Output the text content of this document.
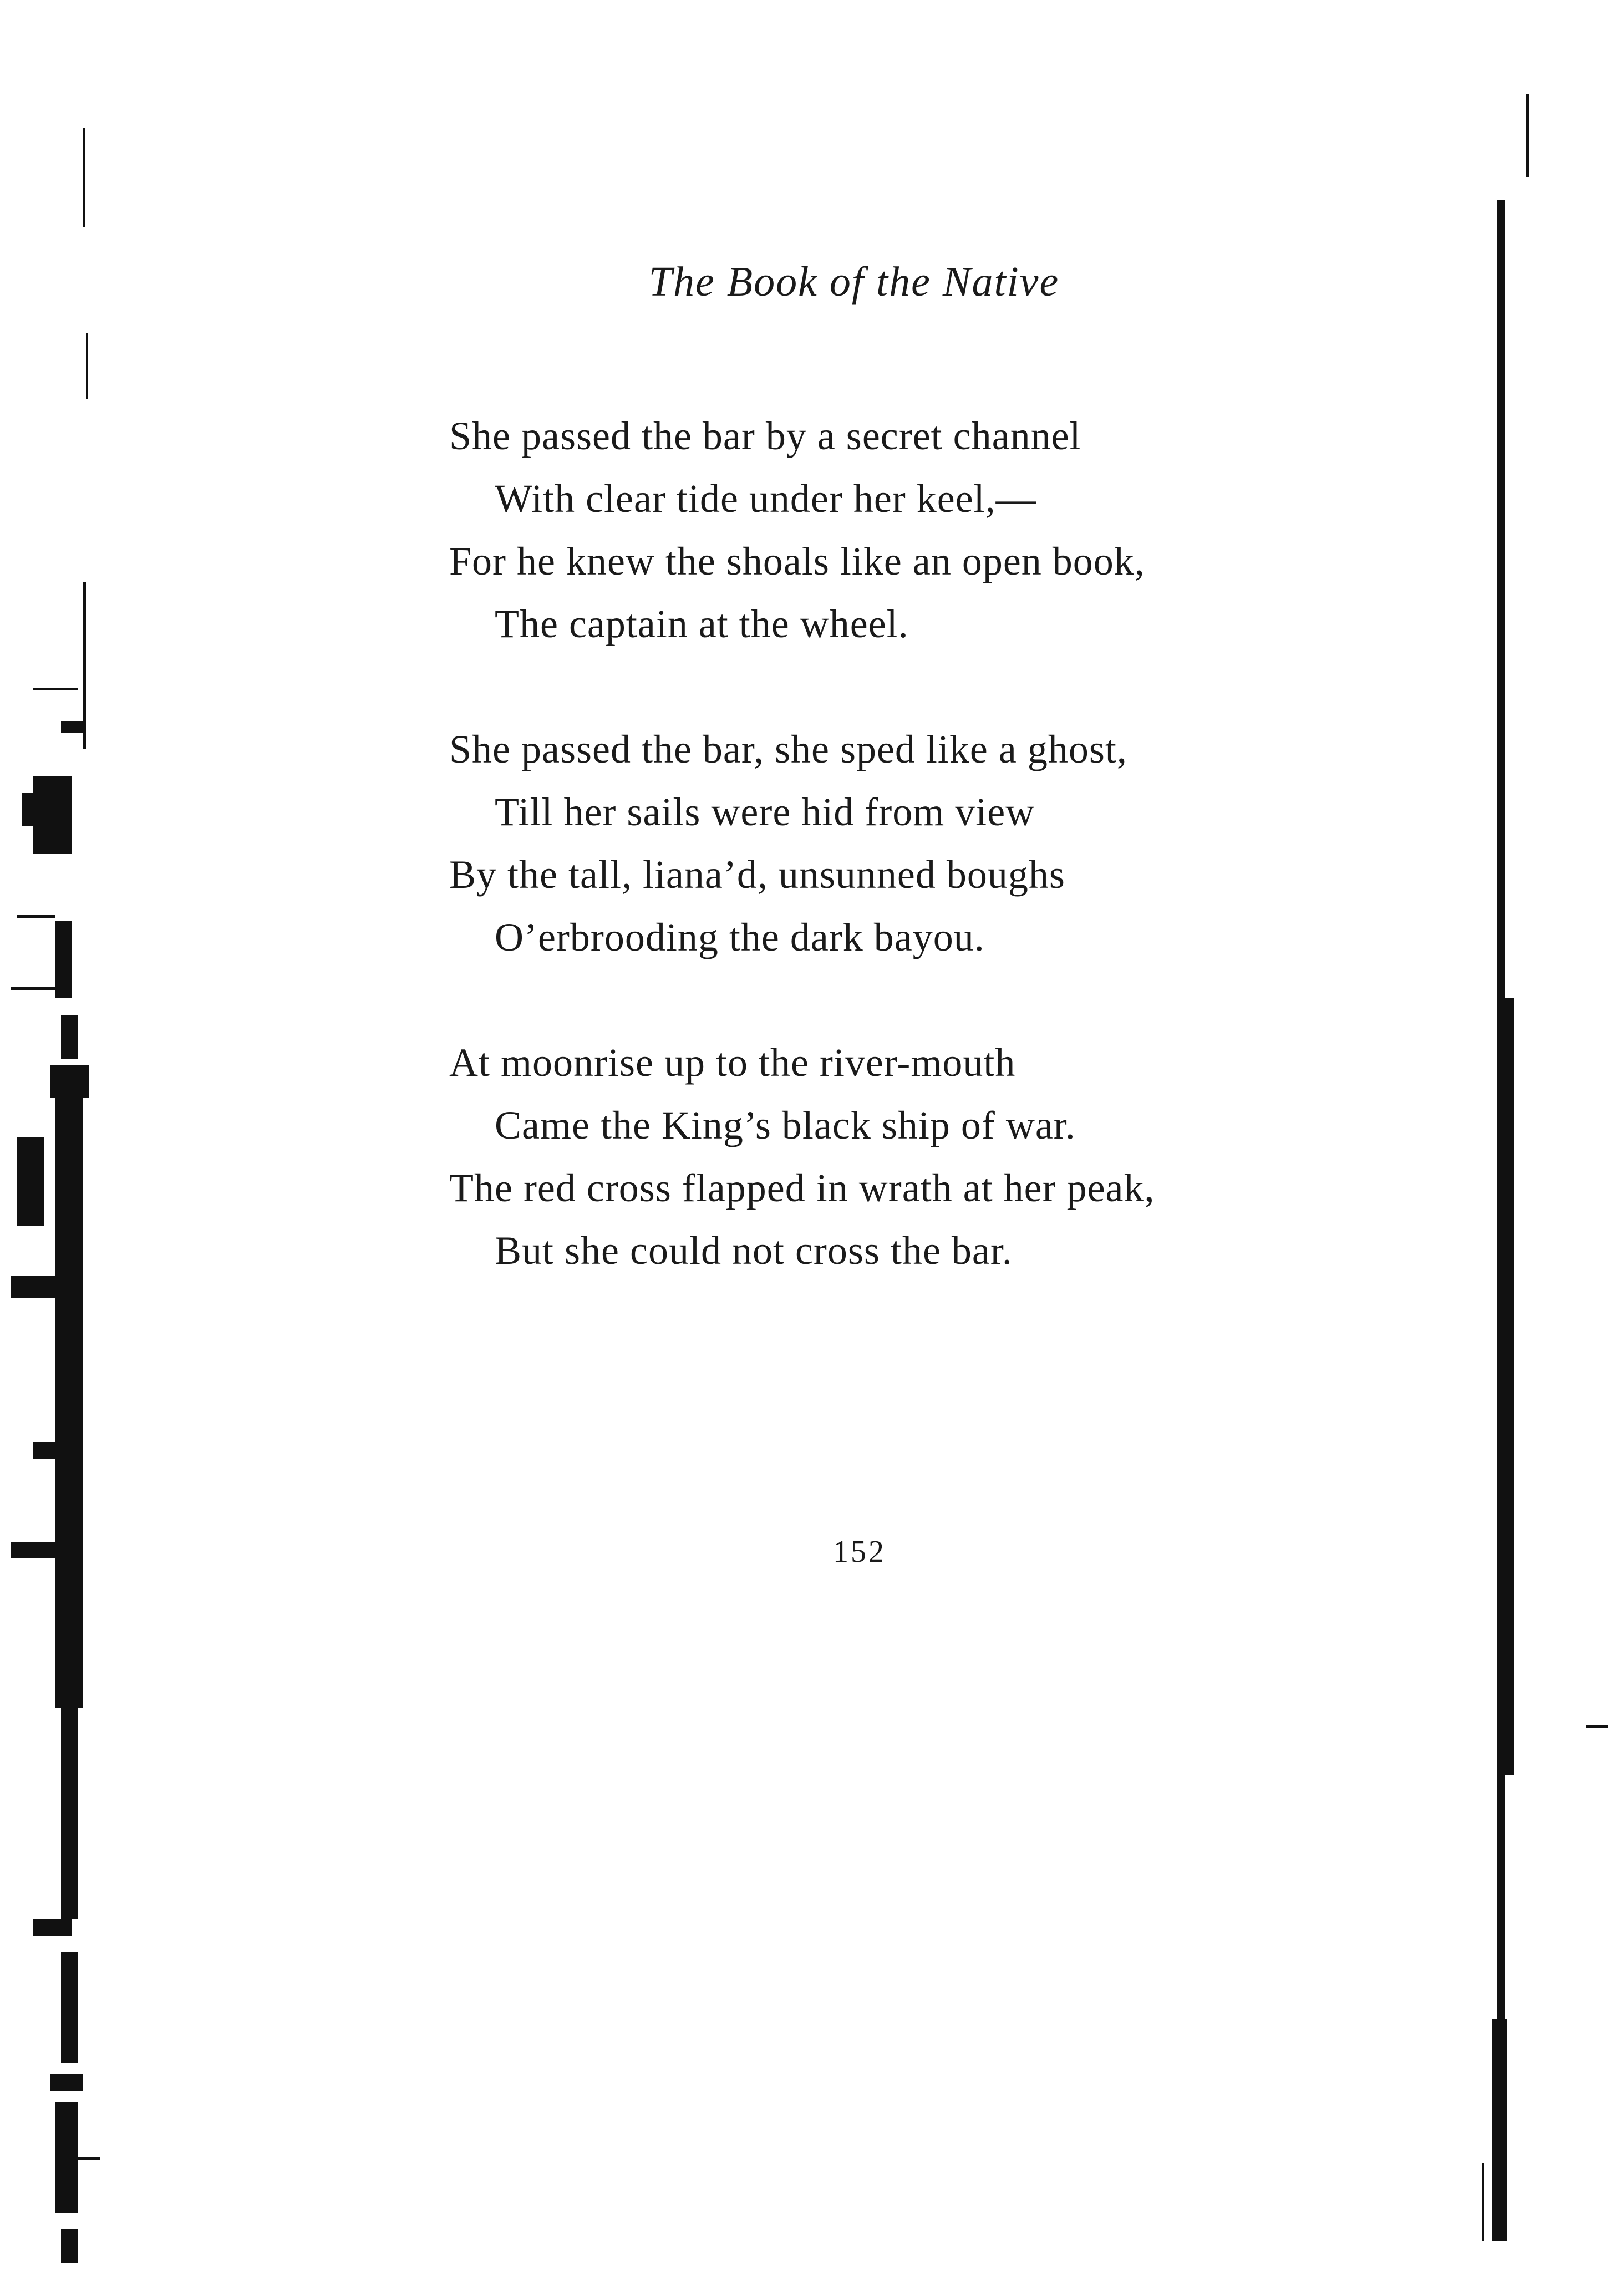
The Book of the Native
She passed the bar by a secret channel
With clear tide under her keel,—
For he knew the shoals like an open book,
The captain at the wheel.
She passed the bar, she sped like a ghost,
Till her sails were hid from view
By the tall, liana’d, unsunned boughs
O’erbrooding the dark bayou.
At moonrise up to the river-mouth
Came the King’s black ship of war.
The red cross flapped in wrath at her peak,
But she could not cross the bar.
152
